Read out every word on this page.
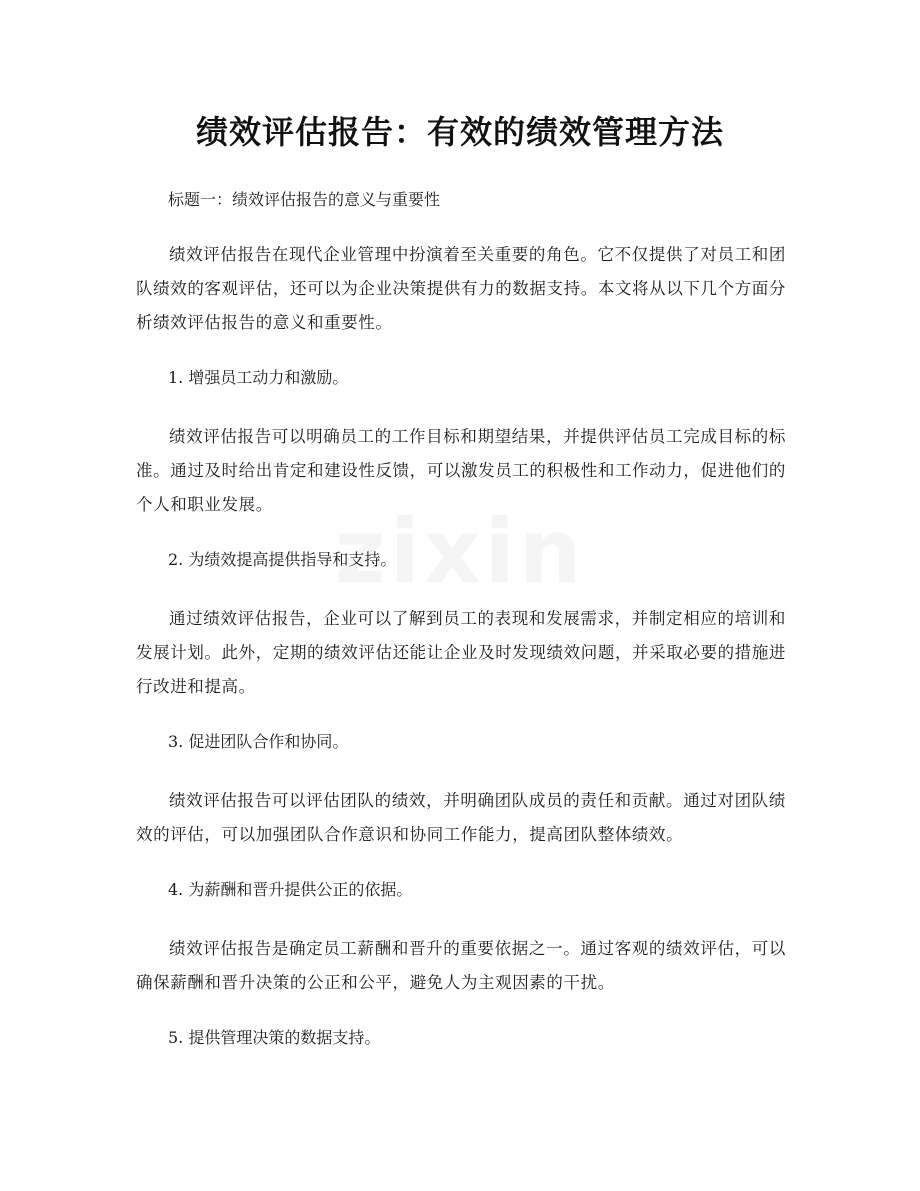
zixin
绩效评估报告：有效的绩效管理方法

标题一：绩效评估报告的意义与重要性

绩效评估报告在现代企业管理中扮演着至关重要的角色。它不仅提供了对员工和团队绩效的客观评估，还可以为企业决策提供有力的数据支持。本文将从以下几个方面分析绩效评估报告的意义和重要性。

1. 增强员工动力和激励。

绩效评估报告可以明确员工的工作目标和期望结果，并提供评估员工完成目标的标准。通过及时给出肯定和建设性反馈，可以激发员工的积极性和工作动力，促进他们的个人和职业发展。

2. 为绩效提高提供指导和支持。

通过绩效评估报告，企业可以了解到员工的表现和发展需求，并制定相应的培训和发展计划。此外，定期的绩效评估还能让企业及时发现绩效问题，并采取必要的措施进行改进和提高。

3. 促进团队合作和协同。

绩效评估报告可以评估团队的绩效，并明确团队成员的责任和贡献。通过对团队绩效的评估，可以加强团队合作意识和协同工作能力，提高团队整体绩效。

4. 为薪酬和晋升提供公正的依据。

绩效评估报告是确定员工薪酬和晋升的重要依据之一。通过客观的绩效评估，可以确保薪酬和晋升决策的公正和公平，避免人为主观因素的干扰。

5. 提供管理决策的数据支持。
